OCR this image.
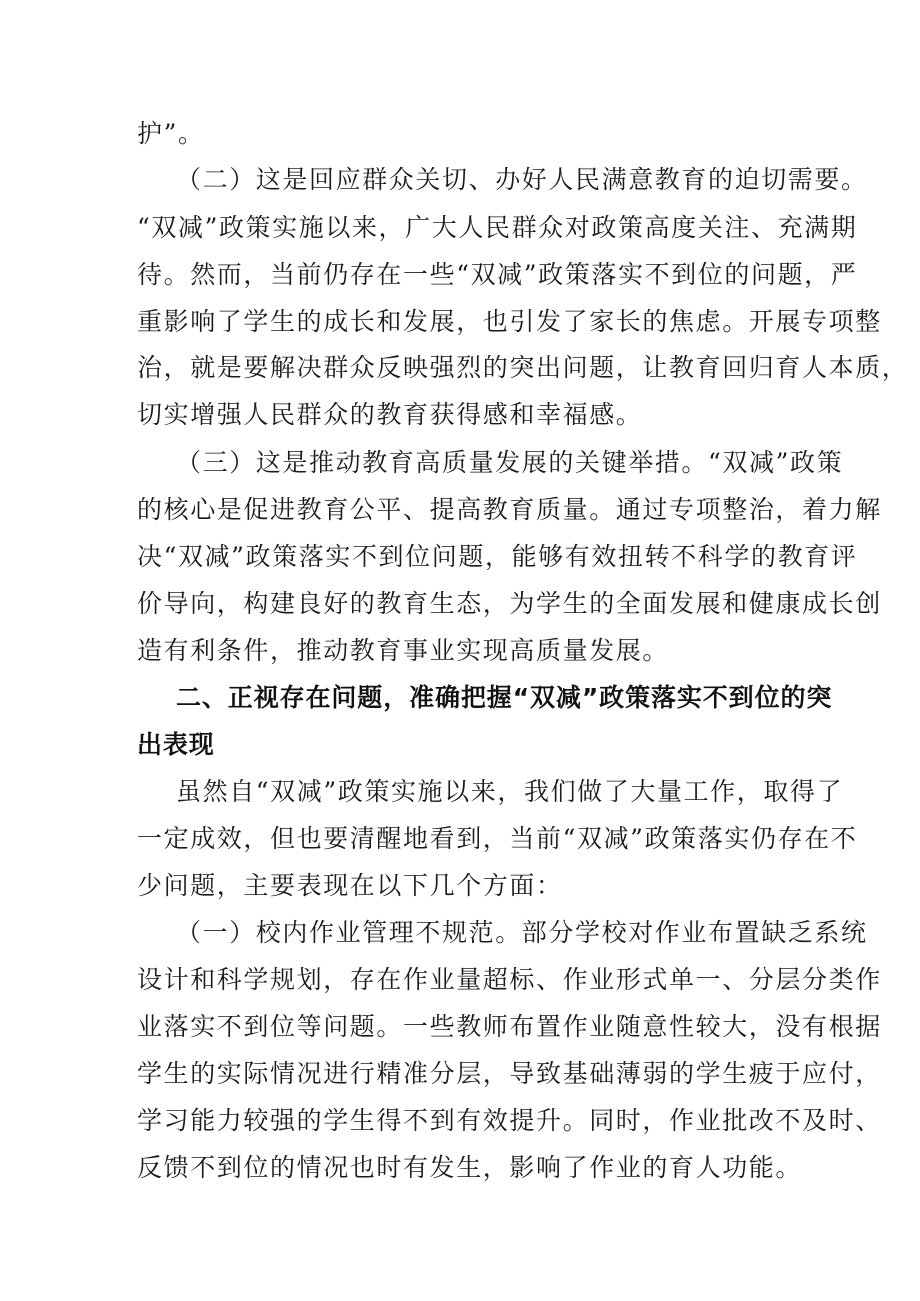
护”。

（二）这是回应群众关切、办好人民满意教育的迫切需要。

“双减”政策实施以来，广大人民群众对政策高度关注、充满期

待。然而，当前仍存在一些“双减”政策落实不到位的问题，严

重影响了学生的成长和发展，也引发了家长的焦虑。开展专项整

治，就是要解决群众反映强烈的突出问题，让教育回归育人本质，

切实增强人民群众的教育获得感和幸福感。

（三）这是推动教育高质量发展的关键举措。“双减”政策

的核心是促进教育公平、提高教育质量。通过专项整治，着力解

决“双减”政策落实不到位问题，能够有效扭转不科学的教育评

价导向，构建良好的教育生态，为学生的全面发展和健康成长创

造有利条件，推动教育事业实现高质量发展。

二、正视存在问题，准确把握“双减”政策落实不到位的突

出表现

虽然自“双减”政策实施以来，我们做了大量工作，取得了

一定成效，但也要清醒地看到，当前“双减”政策落实仍存在不

少问题，主要表现在以下几个方面：

（一）校内作业管理不规范。部分学校对作业布置缺乏系统

设计和科学规划，存在作业量超标、作业形式单一、分层分类作

业落实不到位等问题。一些教师布置作业随意性较大，没有根据

学生的实际情况进行精准分层，导致基础薄弱的学生疲于应付，

学习能力较强的学生得不到有效提升。同时，作业批改不及时、

反馈不到位的情况也时有发生，影响了作业的育人功能。
